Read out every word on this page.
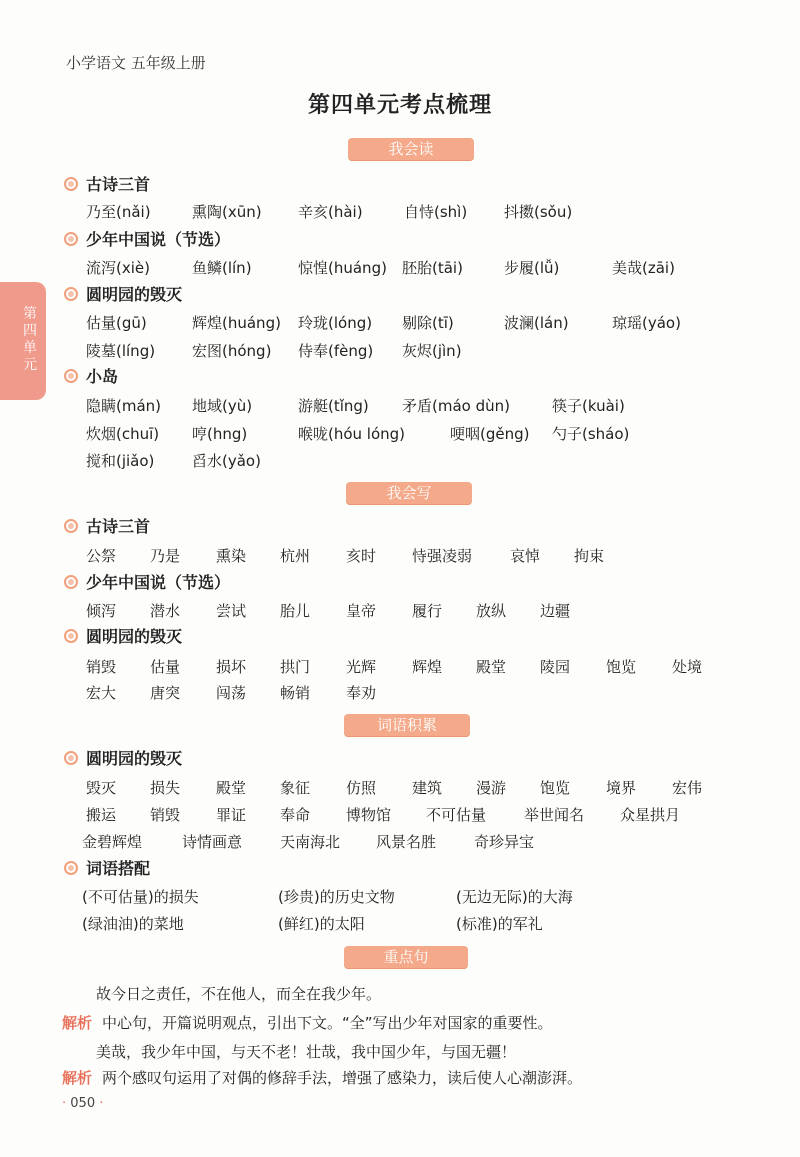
小学语文 五年级上册
第四单元考点梳理
第四单元
我会读
古诗三首
乃至(nǎi)	熏陶(xūn) 辛亥(hài)	自恃(shì) 抖擞(sǒu)
少年中国说（节选）
流泻(xiè)	鱼鳞(lín)	惊惶(huáng) 胚胎(tāi)	步履(lǚ)	美哉(zāi)
圆明园的毁灭
估量(gū)	辉煌(huáng) 玲珑(lóng) 剔除(tī)	波澜(lán)	琼瑶(yáo)
陵墓(líng) 宏图(hóng) 侍奉(fèng) 灰烬(jìn)
小岛
隐瞒(mán) 地域(yù)	游艇(tǐng) 矛盾(máo dùn)	筷子(kuài)
炊烟(chuī) 哼(hng)	喉咙(hóu lóng)	哽咽(gěng) 勺子(sháo)
搅和(jiǎo)	舀水(yǎo)
我会写
古诗三首
公祭 乃是 熏染 杭州 亥时 恃强凌弱	哀悼 拘束
少年中国说（节选）
倾泻 潜水 尝试 胎儿 皇帝 履行 放纵 边疆
圆明园的毁灭
销毁 估量 损坏 拱门 光辉 辉煌 殿堂 陵园 饱览 处境
宏大 唐突 闯荡 畅销 奉劝
词语积累
圆明园的毁灭
毁灭 损失 殿堂 象征 仿照 建筑 漫游 饱览 境界 宏伟
搬运 销毁 罪证 奉命 博物馆 不可估量	举世闻名 众星拱月
金碧辉煌	诗情画意	天南海北 风景名胜	奇珍异宝
词语搭配
(不可估量)的损失	(珍贵)的历史文物	(无边无际)的大海
(绿油油)的菜地	(鲜红)的太阳	(标准)的军礼
重点句
故今日之责任，不在他人，而全在我少年。
解析 中心句，开篇说明观点，引出下文。“全”写出少年对国家的重要性。
美哉，我少年中国，与天不老！壮哉，我中国少年，与国无疆！
解析 两个感叹句运用了对偶的修辞手法，增强了感染力，读后使人心潮澎湃。
· 050 ·
